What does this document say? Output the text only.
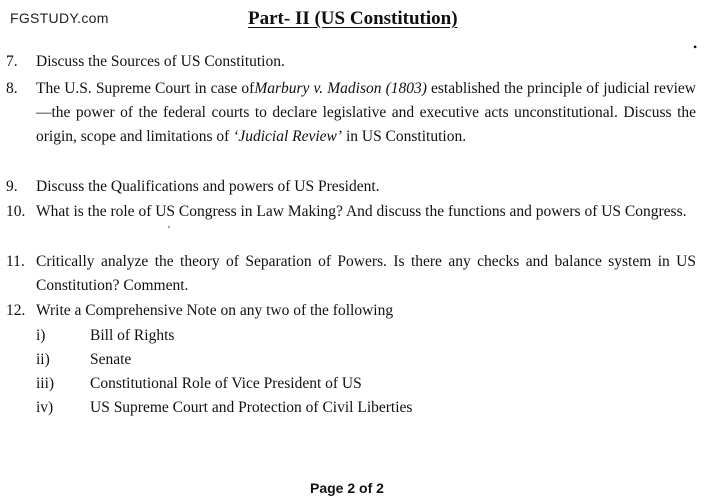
FGSTUDY.com	Part- II (US Constitution)
•
7. Discuss the Sources of US Constitution.
8. The U.S. Supreme Court in case ofMarbury v. Madison (1803) established the principle of judicial review—the power of the federal courts to declare legislative and executive acts unconstitutional. Discuss the origin, scope and limitations of ‘Judicial Review’ in US Constitution.
9. Discuss the Qualifications and powers of US President.
10. What is the role of US Congress in Law Making? And discuss the functions and powers of US Congress.
′
11. Critically analyze the theory of Separation of Powers. Is there any checks and balance system in US Constitution? Comment.
12. Write a Comprehensive Note on any two of the following
i)	Bill of Rights
ii)	Senate
iii) Constitutional Role of Vice President of US
iv) US Supreme Court and Protection of Civil Liberties
Page 2 of 2
